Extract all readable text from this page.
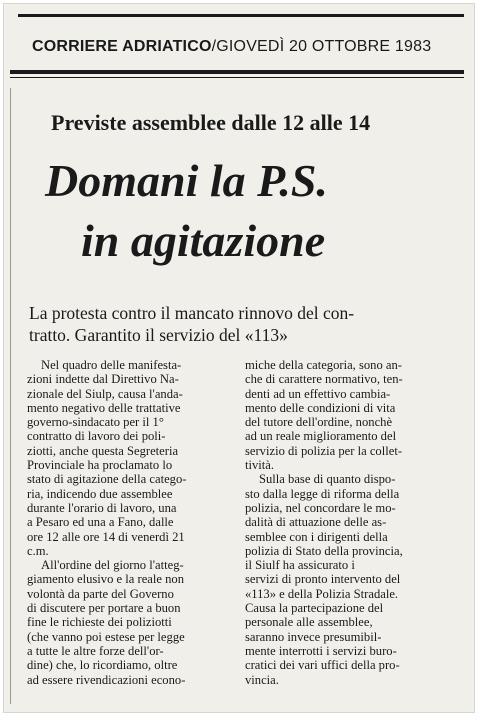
CORRIERE ADRIATICO/GIOVEDÌ 20 OTTOBRE 1983
Previste assemblee dalle 12 alle 14
Domani la P.S.
in agitazione
La protesta contro il mancato rinnovo del con-
tratto. Garantito il servizio del «113»
Nel quadro delle manifesta-
zioni indette dal Direttivo Na-
zionale del Siulp, causa l'anda-
mento negativo delle trattative
governo-sindacato per il 1°
contratto di lavoro dei poli-
ziotti, anche questa Segreteria
Provinciale ha proclamato lo
stato di agitazione della catego-
ria, indicendo due assemblee
durante l'orario di lavoro, una
a Pesaro ed una a Fano, dalle
ore 12 alle ore 14 di venerdì 21
c.m.
All'ordine del giorno l'atteg-
giamento elusivo e la reale non
volontà da parte del Governo
di discutere per portare a buon
fine le richieste dei poliziotti
(che vanno poi estese per legge
a tutte le altre forze dell'or-
dine) che, lo ricordiamo, oltre
ad essere rivendicazioni econo-
miche della categoria, sono an-
che di carattere normativo, ten-
denti ad un effettivo cambia-
mento delle condizioni di vita
del tutore dell'ordine, nonchè
ad un reale miglioramento del
servizio di polizia per la collet-
tività.
Sulla base di quanto dispo-
sto dalla legge di riforma della
polizia, nel concordare le mo-
dalità di attuazione delle as-
semblee con i dirigenti della
polizia di Stato della provincia,
il Siulf ha assicurato i
servizi di pronto intervento del
«113» e della Polizia Stradale.
Causa la partecipazione del
personale alle assemblee,
saranno invece presumibil-
mente interrotti i servizi buro-
cratici dei vari uffici della pro-
vincia.
